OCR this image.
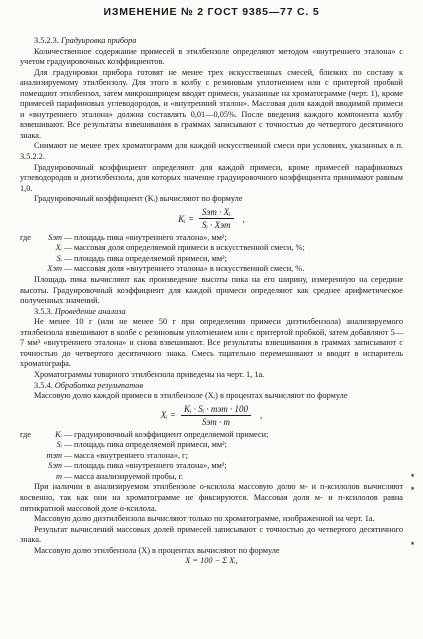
ИЗМЕНЕНИЕ № 2 ГОСТ 9385—77 С. 5

3.5.2.3. Градуировка прибора

Количественное содержание примесей в этилбензоле определяют методом «внутреннего эталона» с учетом градуировочных коэффициентов.

Для градуировки прибора готовят не менее трех искусственных смесей, близких по составу к анализируемому этилбензолу. Для этого в колбу с резиновым уплотнением или с притертой пробкой помещают этилбензол, затем микрошприцем вводят примеси, указанные на хроматограмме (черт. 1), кроме примесей парафиновых углеводородов, и «внутренний эталон». Массовая доля каждой вводимой примеси и «внутреннего эталона» должна составлять 0,01—0,05%. После введения каждого компонента колбу взвешивают. Все результаты взвешивания в граммах записывают с точностью до четвертого десятичного знака.

Снимают не менее трех хроматограмм для каждой искусственной смеси при условиях, указанных в п. 3.5.2.2.

Градуировочный коэффициент определяют для каждой примеси, кроме примесей парафиновых углеводородов и диэтилбензола, для которых значение градуировочного коэффициента принимают равным 1,0.

Градуировочный коэффициент (Kᵢ) вычисляют по формуле

Kᵢ = $\frac{\text{Sэт · Xᵢ}}{\text{Sᵢ · Xэт}}$ ,
где	Sэт — площадь пика «внутреннего эталона», мм²;
Xᵢ — массовая доля определяемой примеси в искусственной смеси, %;
Sᵢ — площадь пика определяемой примеси, мм²;
Xэт — массовая доля «внутреннего эталона» в искусственной смеси, %.

Площадь пика вычисляют как произведение высоты пика на его ширину, измеренную на середине высоты. Градуировочный коэффициент для каждой примеси определяют как среднее арифметическое полученных значений.

3.5.3. Проведение анализа

Не менее 10 г (или не менее 50 г при определении примеси диэтилбензола) анализируемого этилбензола взвешивают в колбе с резиновым уплотнением или с притертой пробкой, затем добавляют 5—7 мм³ «внутреннего эталона» и снова взвешивают. Все результаты взвешивания в граммах записывают с точностью до четвертого десятичного знака. Смесь тщательно перемешивают и вводят в испаритель хроматографа.

Хроматограммы товарного этилбензола приведены на черт. 1, 1а.

3.5.4. Обработка результатов

Массовую долю каждой примеси в этилбензоле (Xᵢ) в процентах вычисляют по формуле

Xᵢ = $\frac{\text{Kᵢ · Sᵢ · mэт · 100}}{\text{Sэт · m}}$ ,
где	Kᵢ — градуировочный коэффициент определяемой примеси;
Sᵢ — площадь пика определяемой примеси, мм²;
mэт — масса «внутреннего эталона», г;
Sэт — площадь пика «внутреннего эталона», мм²;
m — масса анализируемой пробы, г.

При наличии в анализируемом этилбензоле о-ксилола массовую долю м- и п-ксилолов вычисляют косвенно, так как они на хроматограмме не фиксируются. Массовая доля м- и п-ксилолов равна пятикратной массовой доле о-ксилола.

Массовую долю диэтилбензола вычисляют только по хроматограмме, изображенной на черт. 1а.

Результат вычислений массовых долей примесей записывают с точностью до четвертого десятичного знака.

Массовую долю этилбензола (X) в процентах вычисляют по формуле

X = 100 − Σ Xᵢ,

٭
٭
٭
